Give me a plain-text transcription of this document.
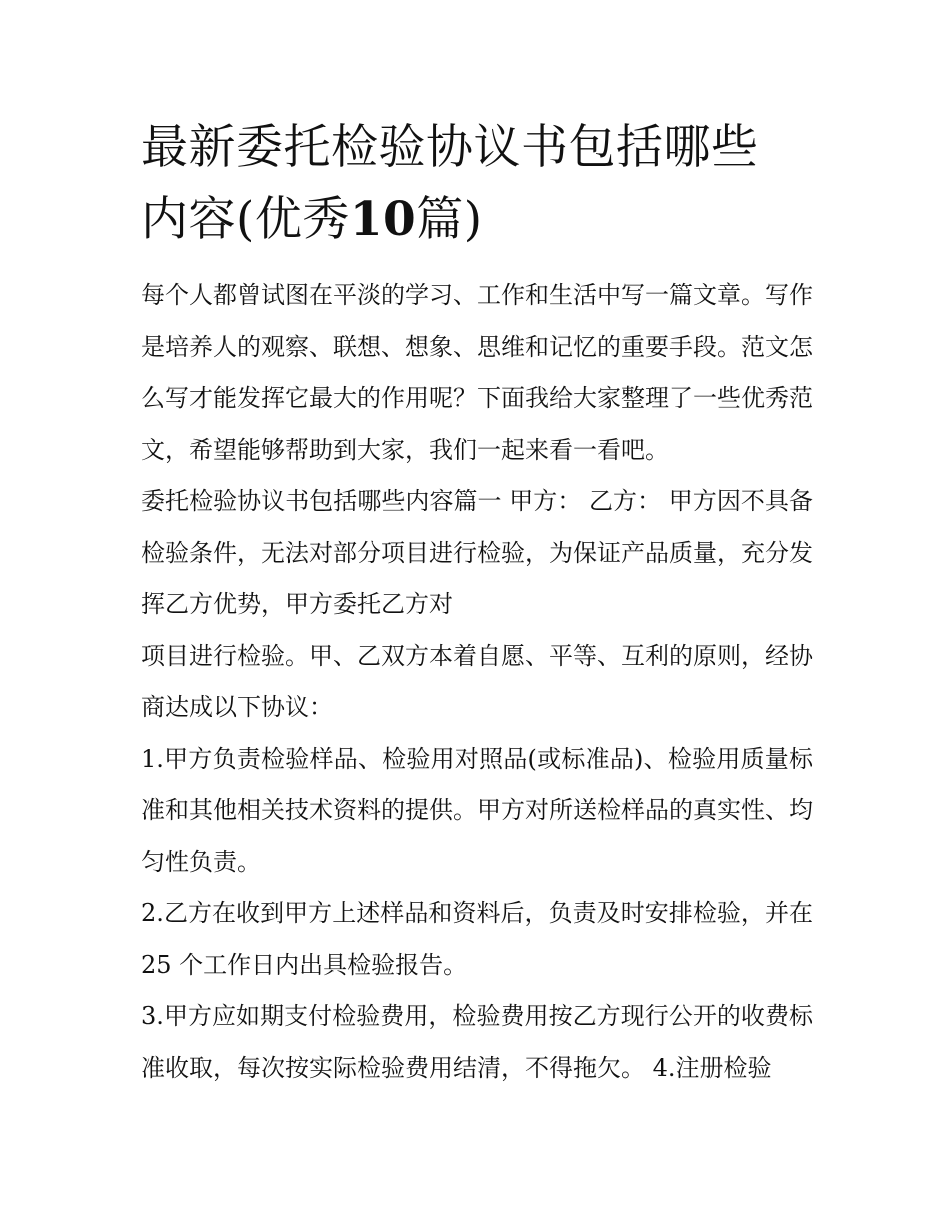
最新委托检验协议书包括哪些
内容(优秀10篇)

每个人都曾试图在平淡的学习、工作和生活中写一篇文章。写作是培养人的观察、联想、想象、思维和记忆的重要手段。范文怎么写才能发挥它最大的作用呢？下面我给大家整理了一些优秀范文，希望能够帮助到大家，我们一起来看一看吧。

委托检验协议书包括哪些内容篇一 甲方： 乙方： 甲方因不具备检验条件，无法对部分项目进行检验，为保证产品质量，充分发挥乙方优势，甲方委托乙方对

项目进行检验。甲、乙双方本着自愿、平等、互利的原则，经协商达成以下协议：

1.甲方负责检验样品、检验用对照品(或标准品)、检验用质量标准和其他相关技术资料的提供。甲方对所送检样品的真实性、均匀性负责。

2.乙方在收到甲方上述样品和资料后，负责及时安排检验，并在 25 个工作日内出具检验报告。

3.甲方应如期支付检验费用，检验费用按乙方现行公开的收费标准收取，每次按实际检验费用结清，不得拖欠。 4.注册检验
